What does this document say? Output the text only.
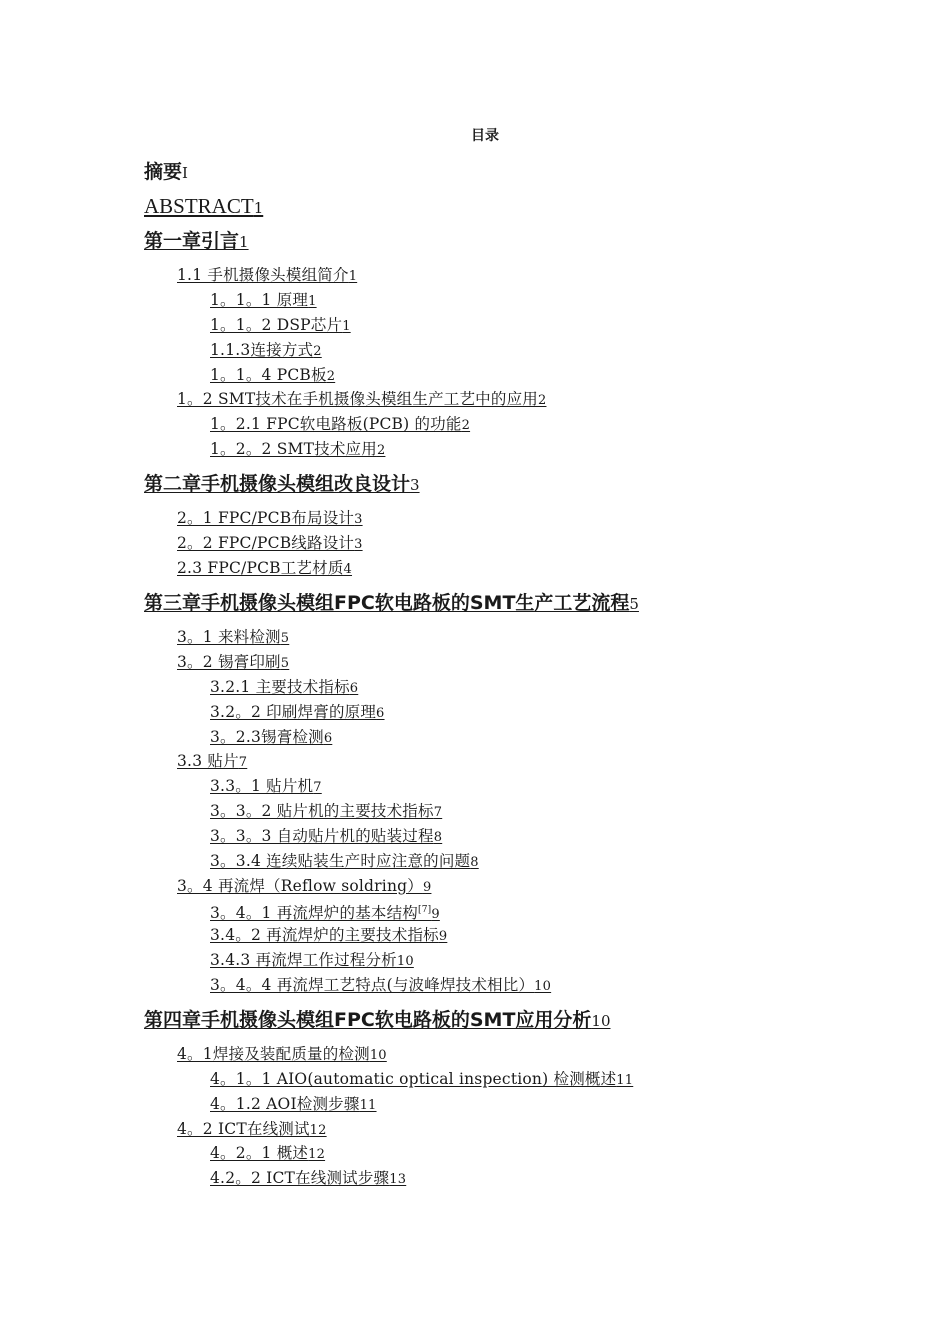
目录
摘要I
ABSTRACT1
第一章引言1
1.1 手机摄像头模组简介1
1。1。1 原理1
1。1。2 DSP芯片1
1.1.3连接方式2
1。1。4 PCB板2
1。2 SMT技术在手机摄像头模组生产工艺中的应用2
1。2.1 FPC软电路板(PCB) 的功能2
1。2。2 SMT技术应用2
第二章手机摄像头模组改良设计3
2。1 FPC/PCB布局设计3
2。2 FPC/PCB线路设计3
2.3 FPC/PCB工艺材质4
第三章手机摄像头模组FPC软电路板的SMT生产工艺流程5
3。1 来料检测5
3。2 锡膏印刷5
3.2.1 主要技术指标6
3.2。2 印刷焊膏的原理6
3。2.3锡膏检测6
3.3 贴片7
3.3。1 贴片机7
3。3。2 贴片机的主要技术指标7
3。3。3 自动贴片机的贴装过程8
3。3.4 连续贴装生产时应注意的问题8
3。4 再流焊（Reflow soldring）9
3。4。1 再流焊炉的基本结构[7]9
3.4。2 再流焊炉的主要技术指标9
3.4.3 再流焊工作过程分析10
3。4。4 再流焊工艺特点(与波峰焊技术相比）10
第四章手机摄像头模组FPC软电路板的SMT应用分析10
4。1焊接及装配质量的检测10
4。1。1 AIO(automatic optical inspection) 检测概述11
4。1.2 AOI检测步骤11
4。2 ICT在线测试12
4。2。1 概述12
4.2。2 ICT在线测试步骤13
